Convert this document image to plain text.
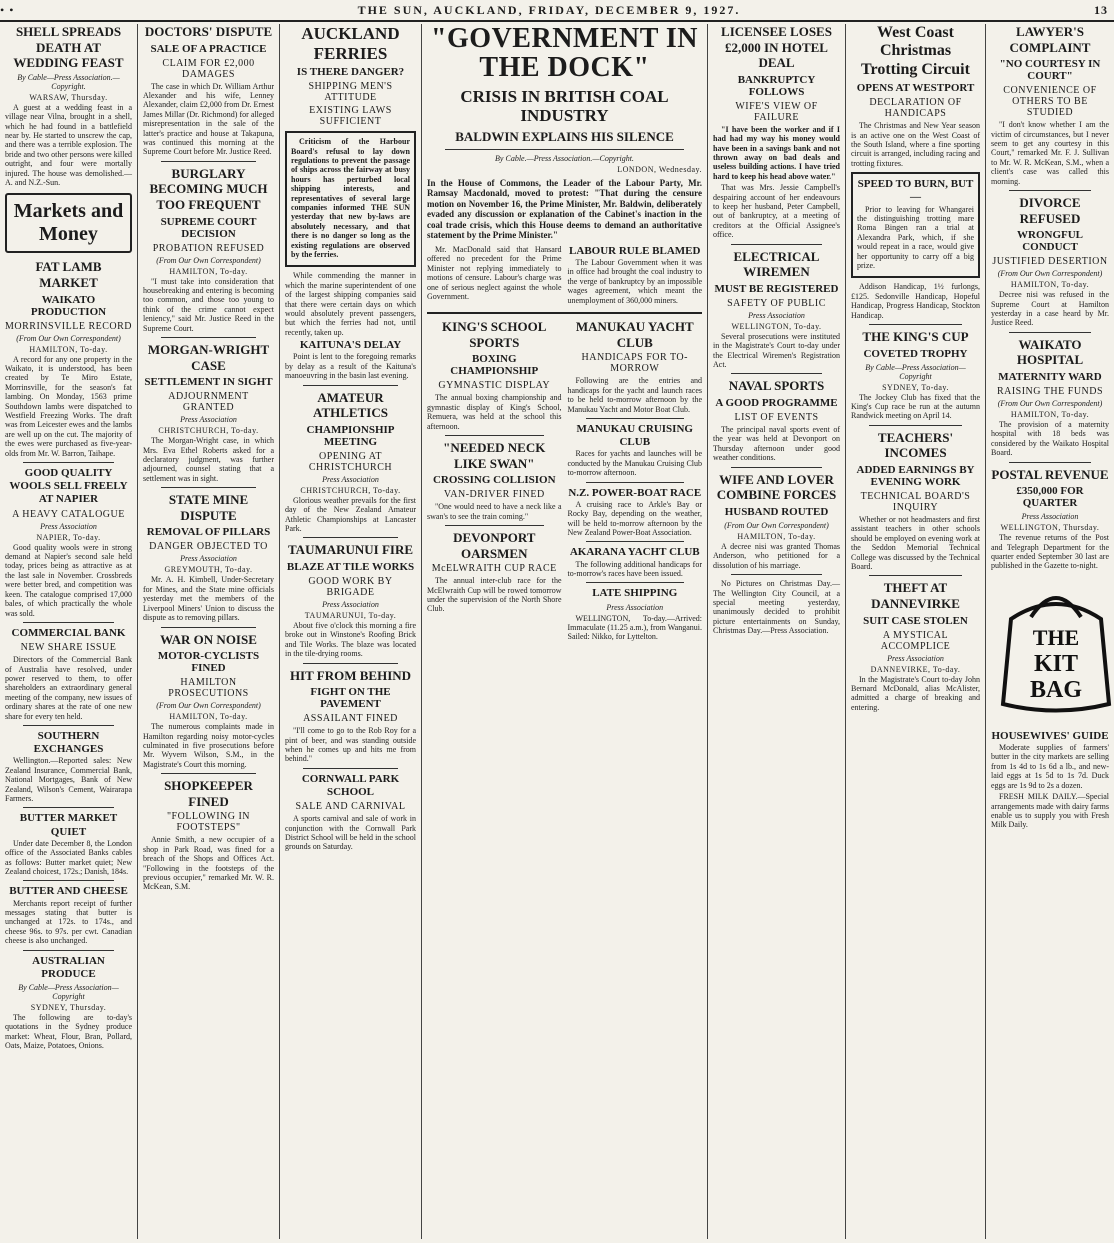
• •	THE SUN, AUCKLAND, FRIDAY, DECEMBER 9, 1927.	13
SHELL SPREADS DEATH AT WEDDING FEAST
By Cable—Press Association.—Copyright.
WARSAW, Thursday.

A guest at a wedding feast in a village near Vilna, brought in a shell, which he had found in a battlefield near by. He started to unscrew the cap, and there was a terrible explosion. The bride and two other persons were killed outright, and four were mortally injured. The house was demolished.—A. and N.Z.-Sun.

Markets and Money
FAT LAMB MARKET
WAIKATO PRODUCTION
MORRINSVILLE RECORD
(From Our Own Correspondent)
HAMILTON, To-day.

A record for any one property in the Waikato, it is understood, has been created by Te Miro Estate, Morrinsville, for the season's fat lambing. On Monday, 1563 prime Southdown lambs were dispatched to Westfield Freezing Works. The draft was from Leicester ewes and the lambs are well up on the cut. The majority of the ewes were purchased as five-year-olds from Mr. W. Barron, Taihape.

GOOD QUALITY WOOLS SELL FREELY AT NAPIER
A HEAVY CATALOGUE
Press Association
NAPIER, To-day.

Good quality wools were in strong demand at Napier's second sale held today, prices being as attractive as at the last sale in November. Crossbreds were better bred, and competition was keen. The catalogue comprised 17,000 bales, of which practically the whole was sold.

COMMERCIAL BANK
NEW SHARE ISSUE

Directors of the Commercial Bank of Australia have resolved, under power reserved to them, to offer shareholders an extraordinary general meeting of the company, new issues of ordinary shares at the rate of one new share for every ten held.

SOUTHERN EXCHANGES

Wellington.—Reported sales: New Zealand Insurance, Commercial Bank, National Mortgages, Bank of New Zealand, Wilson's Cement, Wairarapa Farmers.

BUTTER MARKET QUIET

Under date December 8, the London office of the Associated Banks cables as follows: Butter market quiet; New Zealand choicest, 172s.; Danish, 184s.

BUTTER AND CHEESE

Merchants report receipt of further messages stating that butter is unchanged at 172s. to 174s., and cheese 96s. to 97s. per cwt. Canadian cheese is also unchanged.

AUSTRALIAN PRODUCE
By Cable—Press Association—Copyright
SYDNEY, Thursday.

The following are to-day's quotations in the Sydney produce market: Wheat, Flour, Bran, Pollard, Oats, Maize, Potatoes, Onions.

DOCTORS' DISPUTE
SALE OF A PRACTICE
CLAIM FOR £2,000 DAMAGES

The case in which Dr. William Arthur Alexander and his wife, Lenney Alexander, claim £2,000 from Dr. Ernest James Millar (Dr. Richmond) for alleged misrepresentation in the sale of the latter's practice and house at Takapuna, was continued this morning at the Supreme Court before Mr. Justice Reed.

BURGLARY BECOMING MUCH TOO FREQUENT
SUPREME COURT DECISION
PROBATION REFUSED
(From Our Own Correspondent)
HAMILTON, To-day.

"I must take into consideration that housebreaking and entering is becoming too common, and those too young to think of the crime cannot expect leniency," said Mr. Justice Reed in the Supreme Court.

MORGAN-WRIGHT CASE
SETTLEMENT IN SIGHT
ADJOURNMENT GRANTED
Press Association
CHRISTCHURCH, To-day.

The Morgan-Wright case, in which Mrs. Eva Ethel Roberts asked for a declaratory judgment, was further adjourned, counsel stating that a settlement was in sight.

STATE MINE DISPUTE
REMOVAL OF PILLARS
DANGER OBJECTED TO
Press Association
GREYMOUTH, To-day.

Mr. A. H. Kimbell, Under-Secretary for Mines, and the State mine officials yesterday met the members of the Liverpool Miners' Union to discuss the dispute as to removing pillars.

WAR ON NOISE
MOTOR-CYCLISTS FINED
HAMILTON PROSECUTIONS
(From Our Own Correspondent)
HAMILTON, To-day.

The numerous complaints made in Hamilton regarding noisy motor-cycles culminated in five prosecutions before Mr. Wyvern Wilson, S.M., in the Magistrate's Court this morning.

SHOPKEEPER FINED
"FOLLOWING IN FOOTSTEPS"

Annie Smith, a new occupier of a shop in Park Road, was fined for a breach of the Shops and Offices Act. "Following in the footsteps of the previous occupier," remarked Mr. W. R. McKean, S.M.

AUCKLAND FERRIES
IS THERE DANGER?
SHIPPING MEN'S ATTITUDE
EXISTING LAWS SUFFICIENT

Criticism of the Harbour Board's refusal to lay down regulations to prevent the passage of ships across the fairway at busy hours has perturbed local shipping interests, and representatives of several large companies informed THE SUN yesterday that new by-laws are absolutely necessary, and that there is no danger so long as the existing regulations are observed by the ferries.

While commending the manner in which the marine superintendent of one of the largest shipping companies said that there were certain days on which would absolutely prevent passengers, but which the ferries had not, until recently, taken up.

KAITUNA'S DELAY

Point is lent to the foregoing remarks by delay as a result of the Kaituna's manoeuvring in the basin last evening.

AMATEUR ATHLETICS
CHAMPIONSHIP MEETING
OPENING AT CHRISTCHURCH
Press Association
CHRISTCHURCH, To-day.

Glorious weather prevails for the first day of the New Zealand Amateur Athletic Championships at Lancaster Park.

TAUMARUNUI FIRE
BLAZE AT TILE WORKS
GOOD WORK BY BRIGADE
Press Association
TAUMARUNUI, To-day.

About five o'clock this morning a fire broke out in Winstone's Roofing Brick and Tile Works. The blaze was located in the tile-drying rooms.

HIT FROM BEHIND
FIGHT ON THE PAVEMENT
ASSAILANT FINED

"I'll come to go to the Rob Roy for a pint of beer, and was standing outside when he comes up and hits me from behind."

CORNWALL PARK SCHOOL
SALE AND CARNIVAL

A sports carnival and sale of work in conjunction with the Cornwall Park District School will be held in the school grounds on Saturday.

"GOVERNMENT IN THE DOCK"
CRISIS IN BRITISH COAL INDUSTRY
BALDWIN EXPLAINS HIS SILENCE
By Cable.—Press Association.—Copyright.
LONDON, Wednesday.

In the House of Commons, the Leader of the Labour Party, Mr. Ramsay Macdonald, moved to protest: "That during the censure motion on November 16, the Prime Minister, Mr. Baldwin, deliberately evaded any discussion or explanation of the Cabinet's inaction in the coal trade crisis, which this House deems to demand an authoritative statement by the Prime Minister."

Mr. MacDonald said that Hansard offered no precedent for the Prime Minister not replying immediately to motions of censure. Labour's charge was one of serious neglect against the whole Government.

LABOUR RULE BLAMED

The Labour Government when it was in office had brought the coal industry to the verge of bankruptcy by an impossible wages agreement, which meant the unemployment of 360,000 miners.

KING'S SCHOOL SPORTS
BOXING CHAMPIONSHIP
GYMNASTIC DISPLAY

The annual boxing championship and gymnastic display of King's School, Remuera, was held at the school this afternoon.

"NEEDED NECK LIKE SWAN"
CROSSING COLLISION
VAN-DRIVER FINED

"One would need to have a neck like a swan's to see the train coming."

DEVONPORT OARSMEN
McELWRAITH CUP RACE

The annual inter-club race for the McElwraith Cup will be rowed tomorrow under the supervision of the North Shore Club.

MANUKAU YACHT CLUB
HANDICAPS FOR TO-MORROW

Following are the entries and handicaps for the yacht and launch races to be held to-morrow afternoon by the Manukau Yacht and Motor Boat Club.

MANUKAU CRUISING CLUB

Races for yachts and launches will be conducted by the Manukau Cruising Club to-morrow afternoon.

N.Z. POWER-BOAT RACE

A cruising race to Arkle's Bay or Rocky Bay, depending on the weather, will be held to-morrow afternoon by the New Zealand Power-Boat Association.

AKARANA YACHT CLUB

The following additional handicaps for to-morrow's races have been issued.

LATE SHIPPING
Press Association

WELLINGTON, To-day.—Arrived: Immaculate (11.25 a.m.), from Wanganui. Sailed: Nikko, for Lyttelton.

LICENSEE LOSES £2,000 IN HOTEL DEAL
BANKRUPTCY FOLLOWS
WIFE'S VIEW OF FAILURE

"I have been the worker and if I had had my way his money would have been in a savings bank and not thrown away on bad deals and useless building actions. I have tried hard to keep his head above water."

That was Mrs. Jessie Campbell's despairing account of her endeavours to keep her husband, Peter Campbell, out of bankruptcy, at a meeting of creditors at the Official Assignee's office.

ELECTRICAL WIREMEN
MUST BE REGISTERED
SAFETY OF PUBLIC
Press Association
WELLINGTON, To-day.

Several prosecutions were instituted in the Magistrate's Court to-day under the Electrical Wiremen's Registration Act.

NAVAL SPORTS
A GOOD PROGRAMME
LIST OF EVENTS

The principal naval sports event of the year was held at Devonport on Thursday afternoon under good weather conditions.

WIFE AND LOVER COMBINE FORCES
HUSBAND ROUTED
(From Our Own Correspondent)
HAMILTON, To-day.

A decree nisi was granted Thomas Anderson, who petitioned for a dissolution of his marriage.

No Pictures on Christmas Day.—The Wellington City Council, at a special meeting yesterday, unanimously decided to prohibit picture entertainments on Sunday, Christmas Day.—Press Association.

West Coast Christmas Trotting Circuit
OPENS AT WESTPORT
DECLARATION OF HANDICAPS

The Christmas and New Year season is an active one on the West Coast of the South Island, where a fine sporting circuit is arranged, including racing and trotting fixtures.

SPEED TO BURN, BUT—

Prior to leaving for Whangarei the distinguishing trotting mare Roma Bingen ran a trial at Alexandra Park, which, if she would repeat in a race, would give her opportunity to carry off a big prize.

Addison Handicap, 1½ furlongs, £125. Sedonville Handicap, Hopeful Handicap, Progress Handicap, Stockton Handicap.

THE KING'S CUP
COVETED TROPHY
By Cable—Press Association—Copyright
SYDNEY, To-day.

The Jockey Club has fixed that the King's Cup race be run at the autumn Randwick meeting on April 14.

TEACHERS' INCOMES
ADDED EARNINGS BY EVENING WORK
TECHNICAL BOARD'S INQUIRY

Whether or not headmasters and first assistant teachers in other schools should be employed on evening work at the Seddon Memorial Technical College was discussed by the Technical Board.

THEFT AT DANNEVIRKE
SUIT CASE STOLEN
A MYSTICAL ACCOMPLICE
Press Association
DANNEVIRKE, To-day.

In the Magistrate's Court to-day John Bernard McDonald, alias McAlister, admitted a charge of breaking and entering.

LAWYER'S COMPLAINT
"NO COURTESY IN COURT"
CONVENIENCE OF OTHERS TO BE STUDIED

"I don't know whether I am the victim of circumstances, but I never seem to get any courtesy in this Court," remarked Mr. F. J. Sullivan to Mr. W. R. McKean, S.M., when a client's case was called this morning.

DIVORCE REFUSED
WRONGFUL CONDUCT
JUSTIFIED DESERTION
(From Our Own Correspondent)
HAMILTON, To-day.

Decree nisi was refused in the Supreme Court at Hamilton yesterday in a case heard by Mr. Justice Reed.

WAIKATO HOSPITAL
MATERNITY WARD
RAISING THE FUNDS
(From Our Own Correspondent)
HAMILTON, To-day.

The provision of a maternity hospital with 18 beds was considered by the Waikato Hospital Board.

POSTAL REVENUE
£350,000 FOR QUARTER
Press Association
WELLINGTON, Thursday.

The revenue returns of the Post and Telegraph Department for the quarter ended September 30 last are published in the Gazette to-night.

THE
KIT
BAG
HOUSEWIVES' GUIDE

Moderate supplies of farmers' butter in the city markets are selling from 1s 4d to 1s 6d a lb., and new-laid eggs at 1s 5d to 1s 7d. Duck eggs are 1s 9d to 2s a dozen.

FRESH MILK DAILY.—Special arrangements made with dairy farms enable us to supply you with Fresh Milk Daily.
